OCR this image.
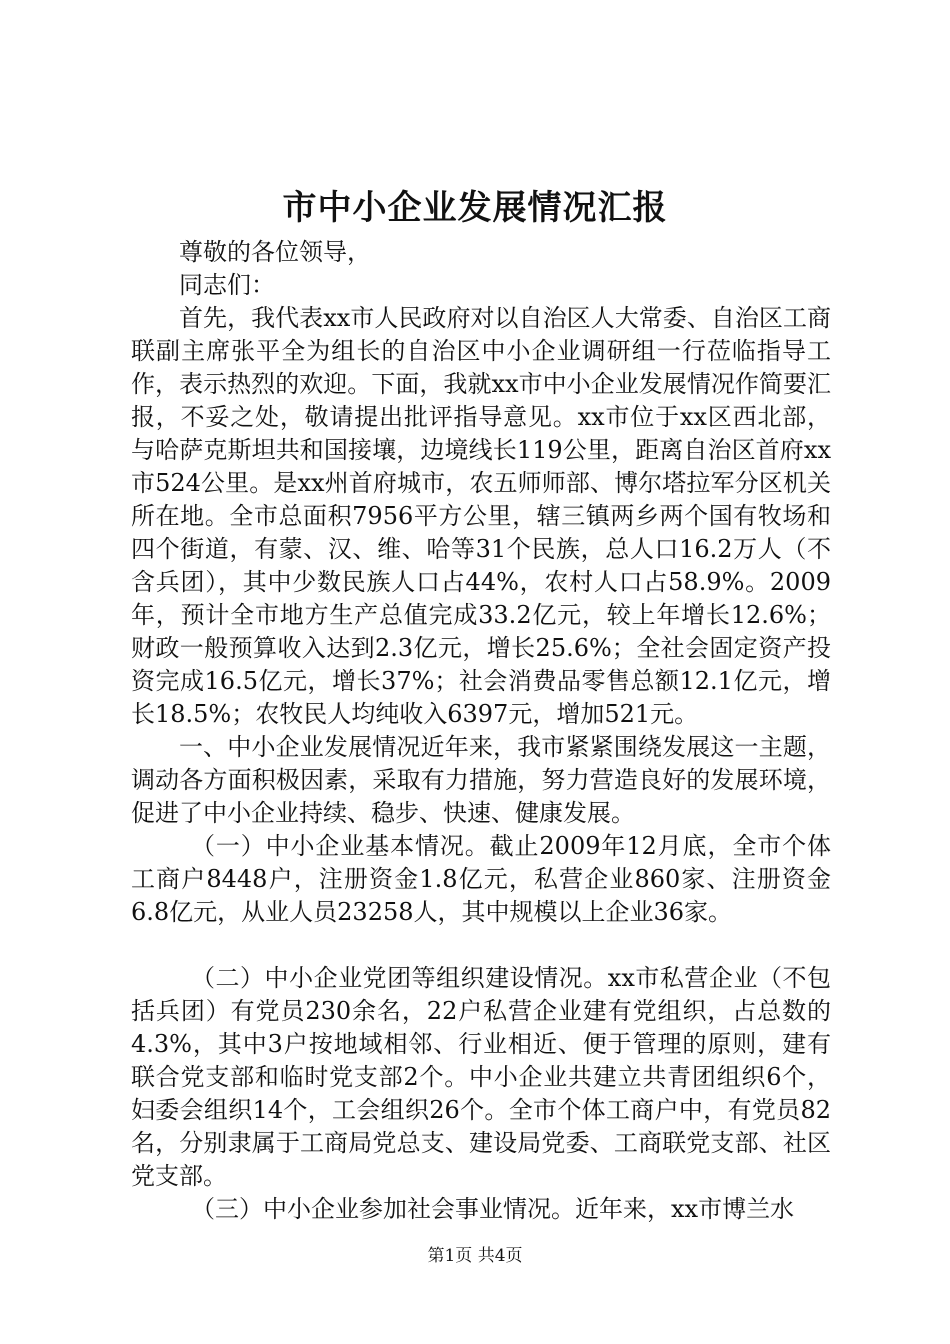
市中小企业发展情况汇报

尊敬的各位领导，

同志们：

首先，我代表xx市人民政府对以自治区人大常委、自治区工商联副主席张平全为组长的自治区中小企业调研组一行莅临指导工作，表示热烈的欢迎。下面，我就xx市中小企业发展情况作简要汇报，不妥之处，敬请提出批评指导意见。xx市位于xx区西北部，与哈萨克斯坦共和国接壤，边境线长119公里，距离自治区首府xx市524公里。是xx州首府城市，农五师师部、博尔塔拉军分区机关所在地。全市总面积7956平方公里，辖三镇两乡两个国有牧场和四个街道，有蒙、汉、维、哈等31个民族，总人口16.2万人（不含兵团），其中少数民族人口占44%，农村人口占58.9%。2009年，预计全市地方生产总值完成33.2亿元，较上年增长12.6%；财政一般预算收入达到2.3亿元，增长25.6%；全社会固定资产投资完成16.5亿元，增长37%；社会消费品零售总额12.1亿元，增长18.5%；农牧民人均纯收入6397元，增加521元。

一、中小企业发展情况近年来，我市紧紧围绕发展这一主题，调动各方面积极因素，采取有力措施，努力营造良好的发展环境，促进了中小企业持续、稳步、快速、健康发展。

（一）中小企业基本情况。截止2009年12月底，全市个体工商户8448户，注册资金1.8亿元，私营企业860家、注册资金6.8亿元，从业人员23258人，其中规模以上企业36家。

（二）中小企业党团等组织建设情况。xx市私营企业（不包括兵团）有党员230余名，22户私营企业建有党组织，占总数的4.3%，其中3户按地域相邻、行业相近、便于管理的原则，建有联合党支部和临时党支部2个。中小企业共建立共青团组织6个，妇委会组织14个，工会组织26个。全市个体工商户中，有党员82名，分别隶属于工商局党总支、建设局党委、工商联党支部、社区党支部。

（三）中小企业参加社会事业情况。近年来，xx市博兰水

第1页 共4页
